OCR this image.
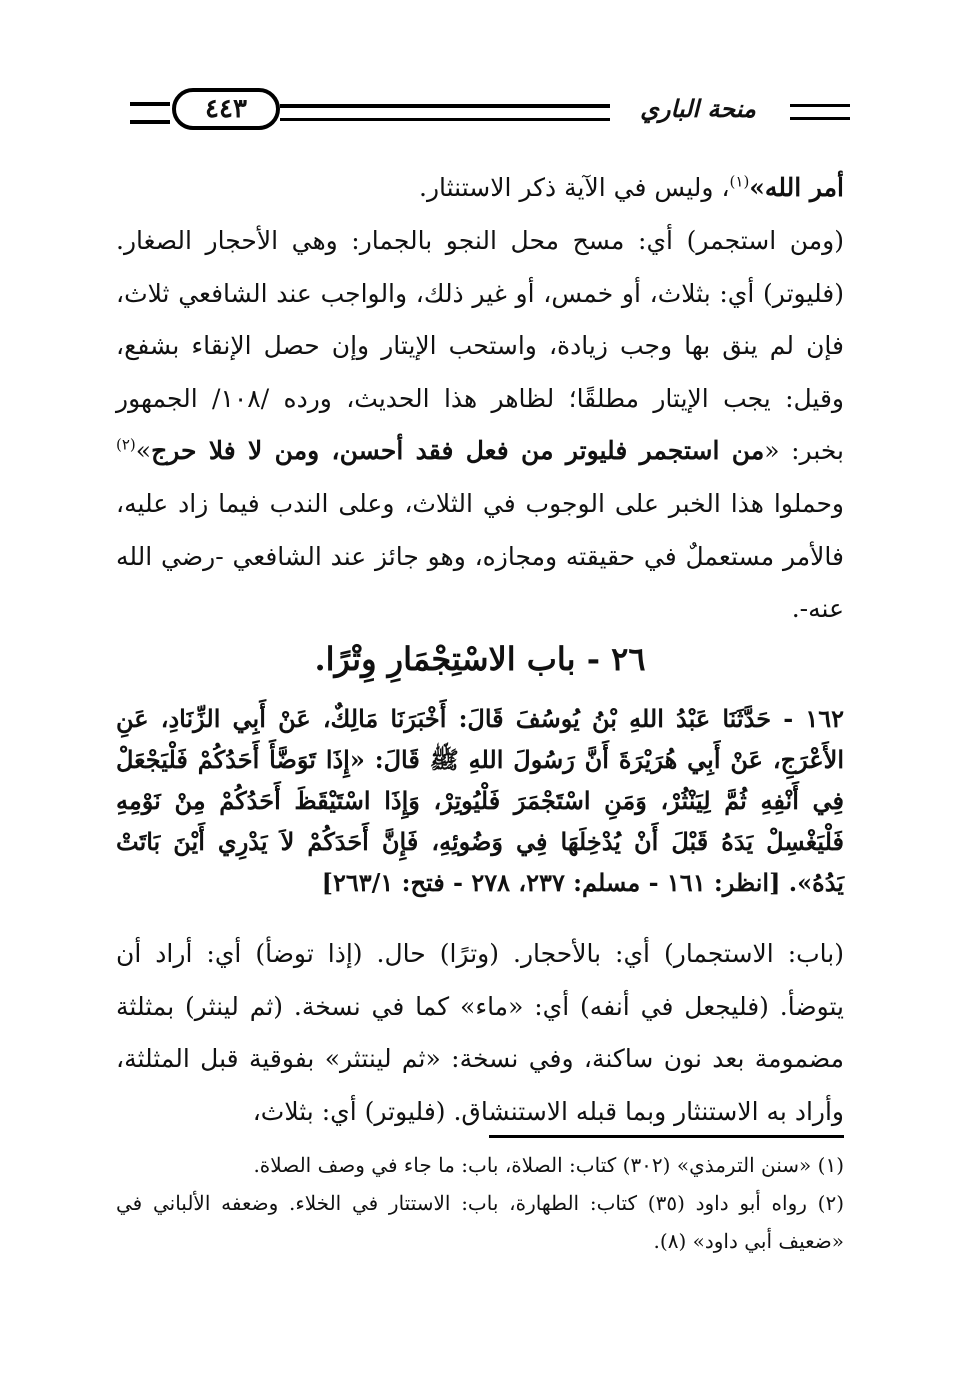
٤٤٣	منحة الباري
أمر الله»$^{(١)}$، وليس في الآية ذكر الاستنثار.
(ومن استجمر) أي: مسح محل النجو بالجمار: وهي الأحجار الصغار. (فليوتر) أي: بثلاث، أو خمس، أو غير ذلك، والواجب عند الشافعي ثلاث، فإن لم ينق بها وجب زيادة، واستحب الإيتار وإن حصل الإنقاء بشفع، وقيل: يجب الإيتار مطلقًا؛ لظاهر هذا الحديث، ورده /١٠٨/ الجمهور بخبر: «من استجمر فليوتر من فعل فقد أحسن، ومن لا فلا حرج»$^{(٢)}$ وحملوا هذا الخبر على الوجوب في الثلاث، وعلى الندب فيما زاد عليه، فالأمر مستعملٌ في حقيقته ومجازه، وهو جائز عند الشافعي -رضي الله عنه-.
٢٦ - باب الاسْتِجْمَارِ وِتْرًا.
١٦٢ - حَدَّثَنَا عَبْدُ اللهِ بْنُ يُوسُفَ قَالَ: أَخْبَرَنَا مَالِكٌ، عَنْ أَبِي الزِّنَادِ، عَنِ الأَعْرَجِ، عَنْ أَبِي هُرَيْرَةَ أَنَّ رَسُولَ اللهِ ﷺ قَالَ: «إِذَا تَوَضَّأَ أَحَدُكُمْ فَلْيَجْعَلْ فِي أَنْفِهِ ثُمَّ لِيَنْثُرْ، وَمَنِ اسْتَجْمَرَ فَلْيُوتِرْ، وَإِذَا اسْتَيْقَظَ أَحَدُكُمْ مِنْ نَوْمِهِ فَلْيَغْسِلْ يَدَهُ قَبْلَ أَنْ يُدْخِلَهَا فِي وَضُوئِهِ، فَإِنَّ أَحَدَكُمْ لاَ يَدْرِي أَيْنَ بَاتَتْ يَدُهُ». [انظر: ١٦١ - مسلم: ٢٣٧، ٢٧٨ - فتح: ٢٦٣/١]
(باب: الاستجمار) أي: بالأحجار. (وترًا) حال. (إذا توضأ) أي: أراد أن يتوضأ. (فليجعل في أنفه) أي: «ماء» كما في نسخة. (ثم لينثر) بمثلثة مضمومة بعد نون ساكنة، وفي نسخة: «ثم لينتثر» بفوقية قبل المثلثة، وأراد به الاستنثار وبما قبله الاستنشاق. (فليوتر) أي: بثلاث،

(١) «سنن الترمذي» (٣٠٢) كتاب: الصلاة، باب: ما جاء في وصف الصلاة.

(٢) رواه أبو داود (٣٥) كتاب: الطهارة، باب: الاستتار في الخلاء. وضعفه الألباني في «ضعيف أبي داود» (٨).
